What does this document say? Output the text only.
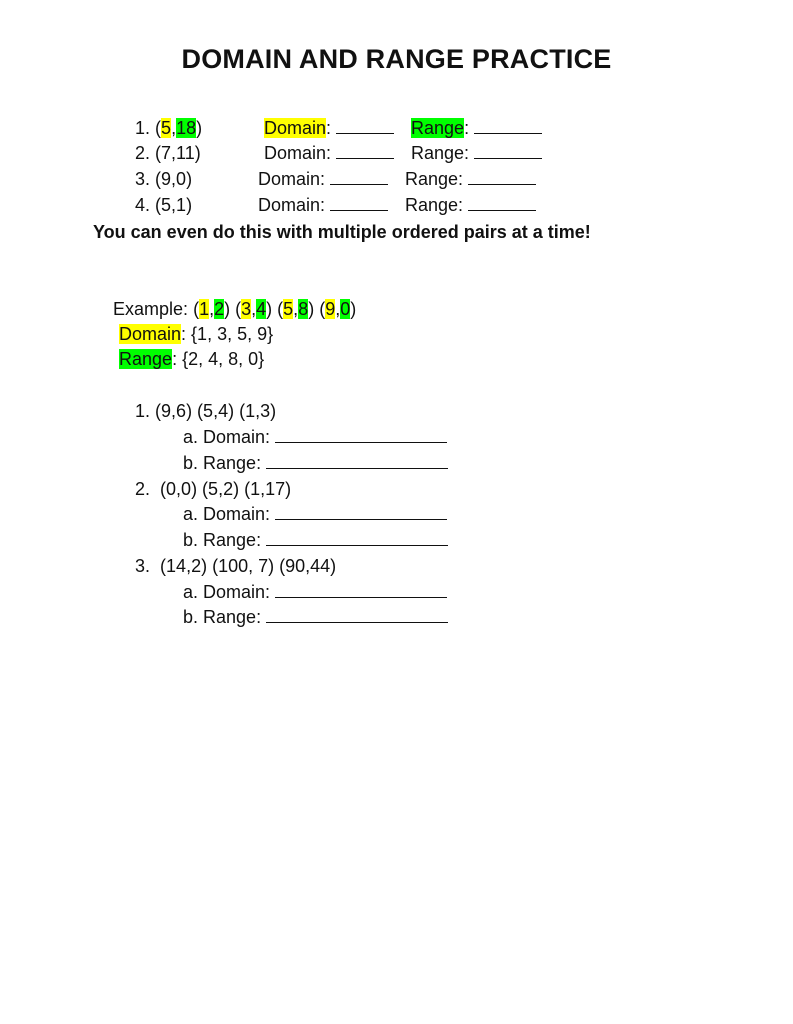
DOMAIN AND RANGE PRACTICE

1. (5,18)
	Domain:
	Range:

2. (7,11)
	Domain:
	Range:

3. (9,0)
	Domain:
	Range:

4. (5,1)
	Domain:
	Range:

You can even do this with multiple ordered pairs at a time!

Example: (1,2) (3,4) (5,8) (9,0)

Domain: {1, 3, 5, 9}

Range: {2, 4, 8, 0}

1. (9,6) (5,4) (1,3)

a. Domain:

b. Range:

2. (0,0) (5,2) (1,17)

a. Domain:

b. Range:

3. (14,2) (100, 7) (90,44)

a. Domain:

b. Range:
